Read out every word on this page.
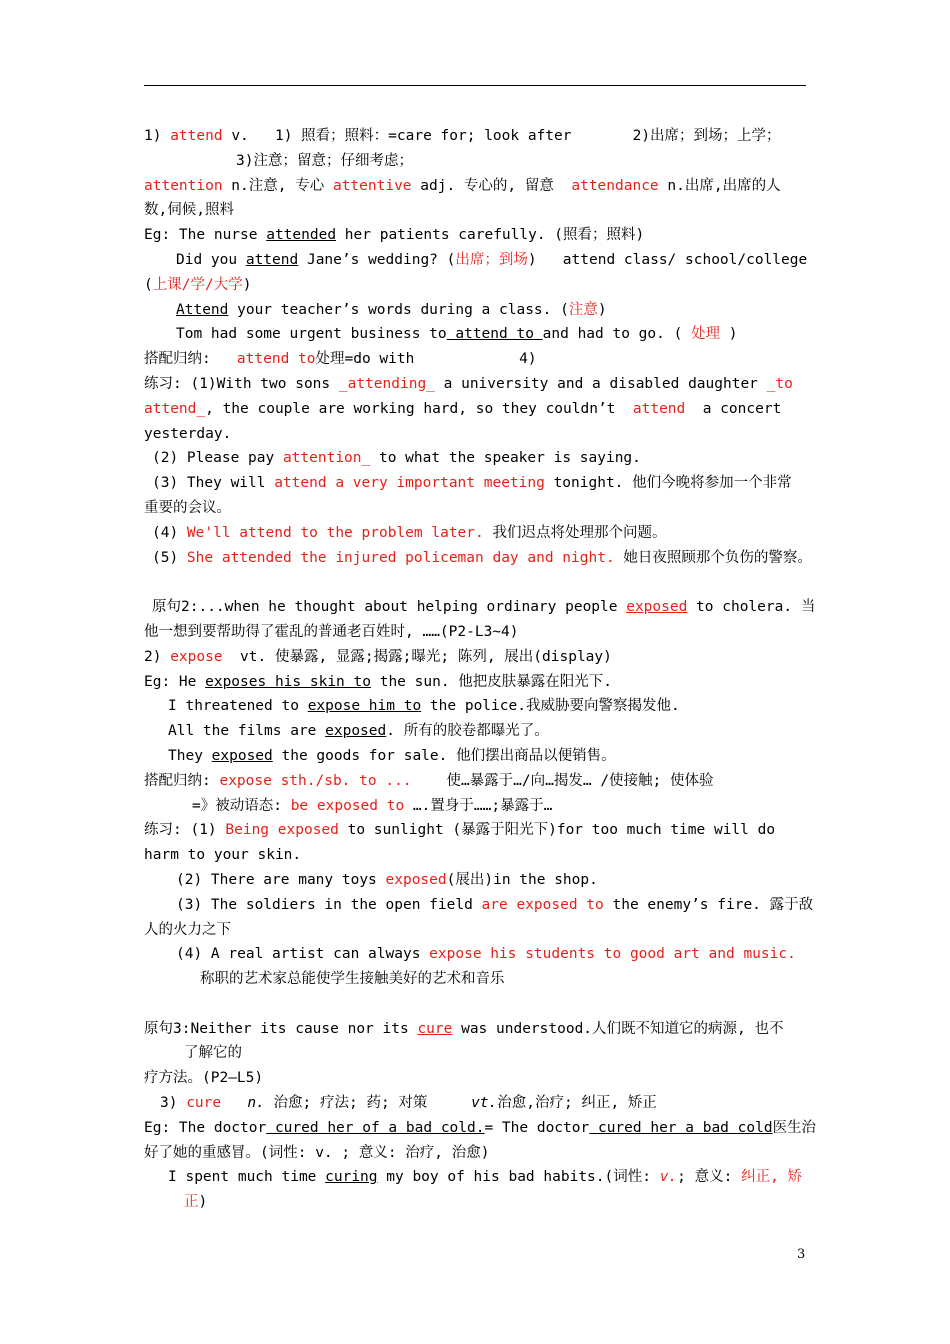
1) attend v.   1) 照看；照料：=care for; look after       2)出席；到场；上学；
3)注意；留意；仔细考虑；
attention n.注意, 专心 attentive adj. 专心的, 留意  attendance n.出席,出席的人
数,伺候,照料
Eg: The nurse attended her patients carefully. (照看；照料)
Did you attend Jane’s wedding? (出席；到场)   attend class/ school/college
(上课/学/大学)
Attend your teacher’s words during a class. (注意)
Tom had some urgent business to attend to and had to go. ( 处理 )
搭配归纳:   attend to处理=do with            4)
练习: (1)With two sons _attending_ a university and a disabled daughter _to
attend_, the couple are working hard, so they couldn’t  attend  a concert
yesterday.
(2) Please pay attention_ to what the speaker is saying.
(3) They will attend a very important meeting tonight. 他们今晚将参加一个非常
重要的会议。
(4) We'll attend to the problem later. 我们迟点将处理那个问题。
(5) She attended the injured policeman day and night. 她日夜照顾那个负伤的警察。
原句2:...when he thought about helping ordinary people exposed to cholera. 当
他一想到要帮助得了霍乱的普通老百姓时, ……(P2-L3~4)
2) expose  vt. 使暴露, 显露;揭露;曝光; 陈列, 展出(display)
Eg: He exposes his skin to the sun. 他把皮肤暴露在阳光下.
I threatened to expose him to the police.我威胁要向警察揭发他.
All the films are exposed. 所有的胶卷都曝光了。
They exposed the goods for sale. 他们摆出商品以便销售。
搭配归纳: expose sth./sb. to ...    使…暴露于…/向…揭发… /使接触; 使体验
=》被动语态: be exposed to ….置身于……;暴露于…
练习: (1) Being exposed to sunlight (暴露于阳光下)for too much time will do
harm to your skin.
(2) There are many toys exposed(展出)in the shop.
(3) The soldiers in the open field are exposed to the enemy’s fire. 露于敌
人的火力之下
(4) A real artist can always expose his students to good art and music.
称职的艺术家总能使学生接触美好的艺术和音乐
原句3:Neither its cause nor its cure was understood.人们既不知道它的病源, 也不
了解它的
疗方法。(P2—L5)
3) cure n. 治愈; 疗法; 药; 对策     vt.治愈,治疗; 纠正, 矫正
Eg: The doctor cured her of a bad cold.= The doctor cured her a bad cold医生治
好了她的重感冒。(词性: v. ; 意义: 治疗, 治愈)
I spent much time curing my boy of his bad habits.(词性: v.; 意义: 纠正, 矫
正)
3
